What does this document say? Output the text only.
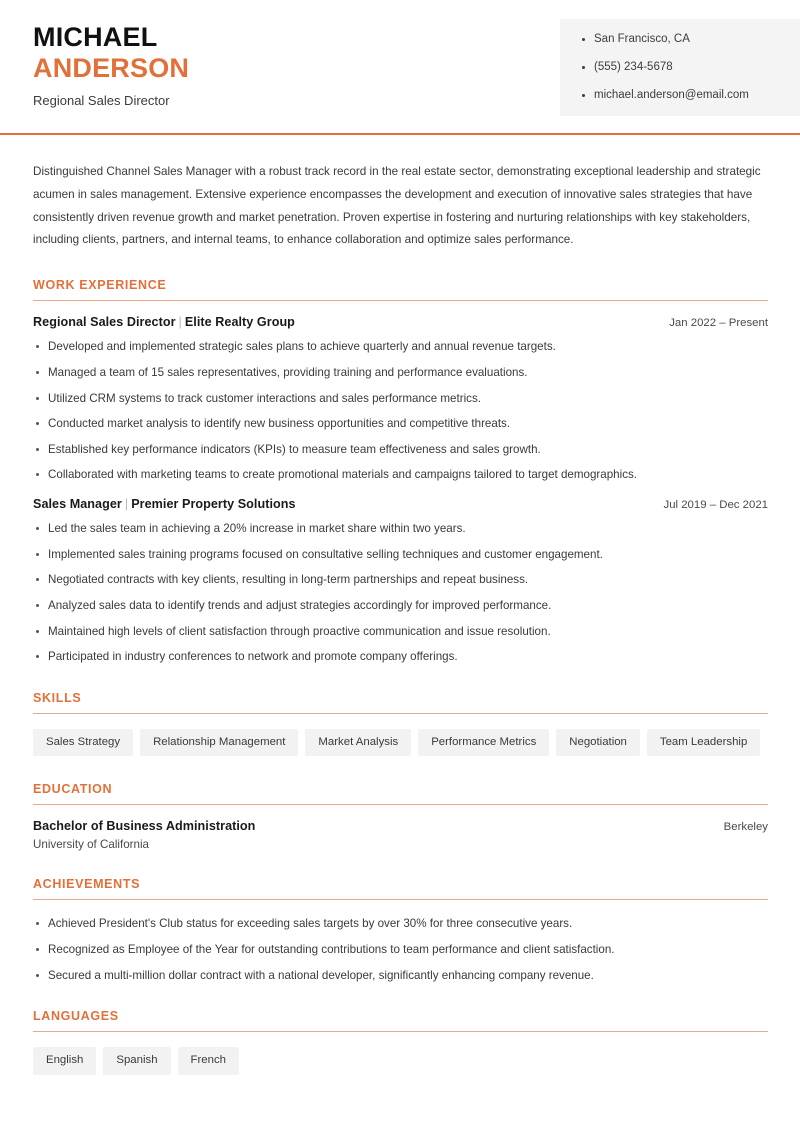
MICHAEL
ANDERSON
Regional Sales Director
San Francisco, CA
(555) 234-5678
michael.anderson@email.com

Distinguished Channel Sales Manager with a robust track record in the real estate sector, demonstrating exceptional leadership and strategic acumen in sales management. Extensive experience encompasses the development and execution of innovative sales strategies that have consistently driven revenue growth and market penetration. Proven expertise in fostering and nurturing relationships with key stakeholders, including clients, partners, and internal teams, to enhance collaboration and optimize sales performance.

WORK EXPERIENCE
Regional Sales Director | Elite Realty Group	Jan 2022 – Present
Developed and implemented strategic sales plans to achieve quarterly and annual revenue targets.
Managed a team of 15 sales representatives, providing training and performance evaluations.
Utilized CRM systems to track customer interactions and sales performance metrics.
Conducted market analysis to identify new business opportunities and competitive threats.
Established key performance indicators (KPIs) to measure team effectiveness and sales growth.
Collaborated with marketing teams to create promotional materials and campaigns tailored to target demographics.
Sales Manager | Premier Property Solutions	Jul 2019 – Dec 2021
Led the sales team in achieving a 20% increase in market share within two years.
Implemented sales training programs focused on consultative selling techniques and customer engagement.
Negotiated contracts with key clients, resulting in long-term partnerships and repeat business.
Analyzed sales data to identify trends and adjust strategies accordingly for improved performance.
Maintained high levels of client satisfaction through proactive communication and issue resolution.
Participated in industry conferences to network and promote company offerings.
SKILLS
Sales Strategy	Relationship Management	Market Analysis	Performance Metrics	Negotiation	Team Leadership
EDUCATION
Bachelor of Business Administration	Berkeley
University of California
ACHIEVEMENTS
Achieved President's Club status for exceeding sales targets by over 30% for three consecutive years.
Recognized as Employee of the Year for outstanding contributions to team performance and client satisfaction.
Secured a multi-million dollar contract with a national developer, significantly enhancing company revenue.
LANGUAGES
English	Spanish	French
